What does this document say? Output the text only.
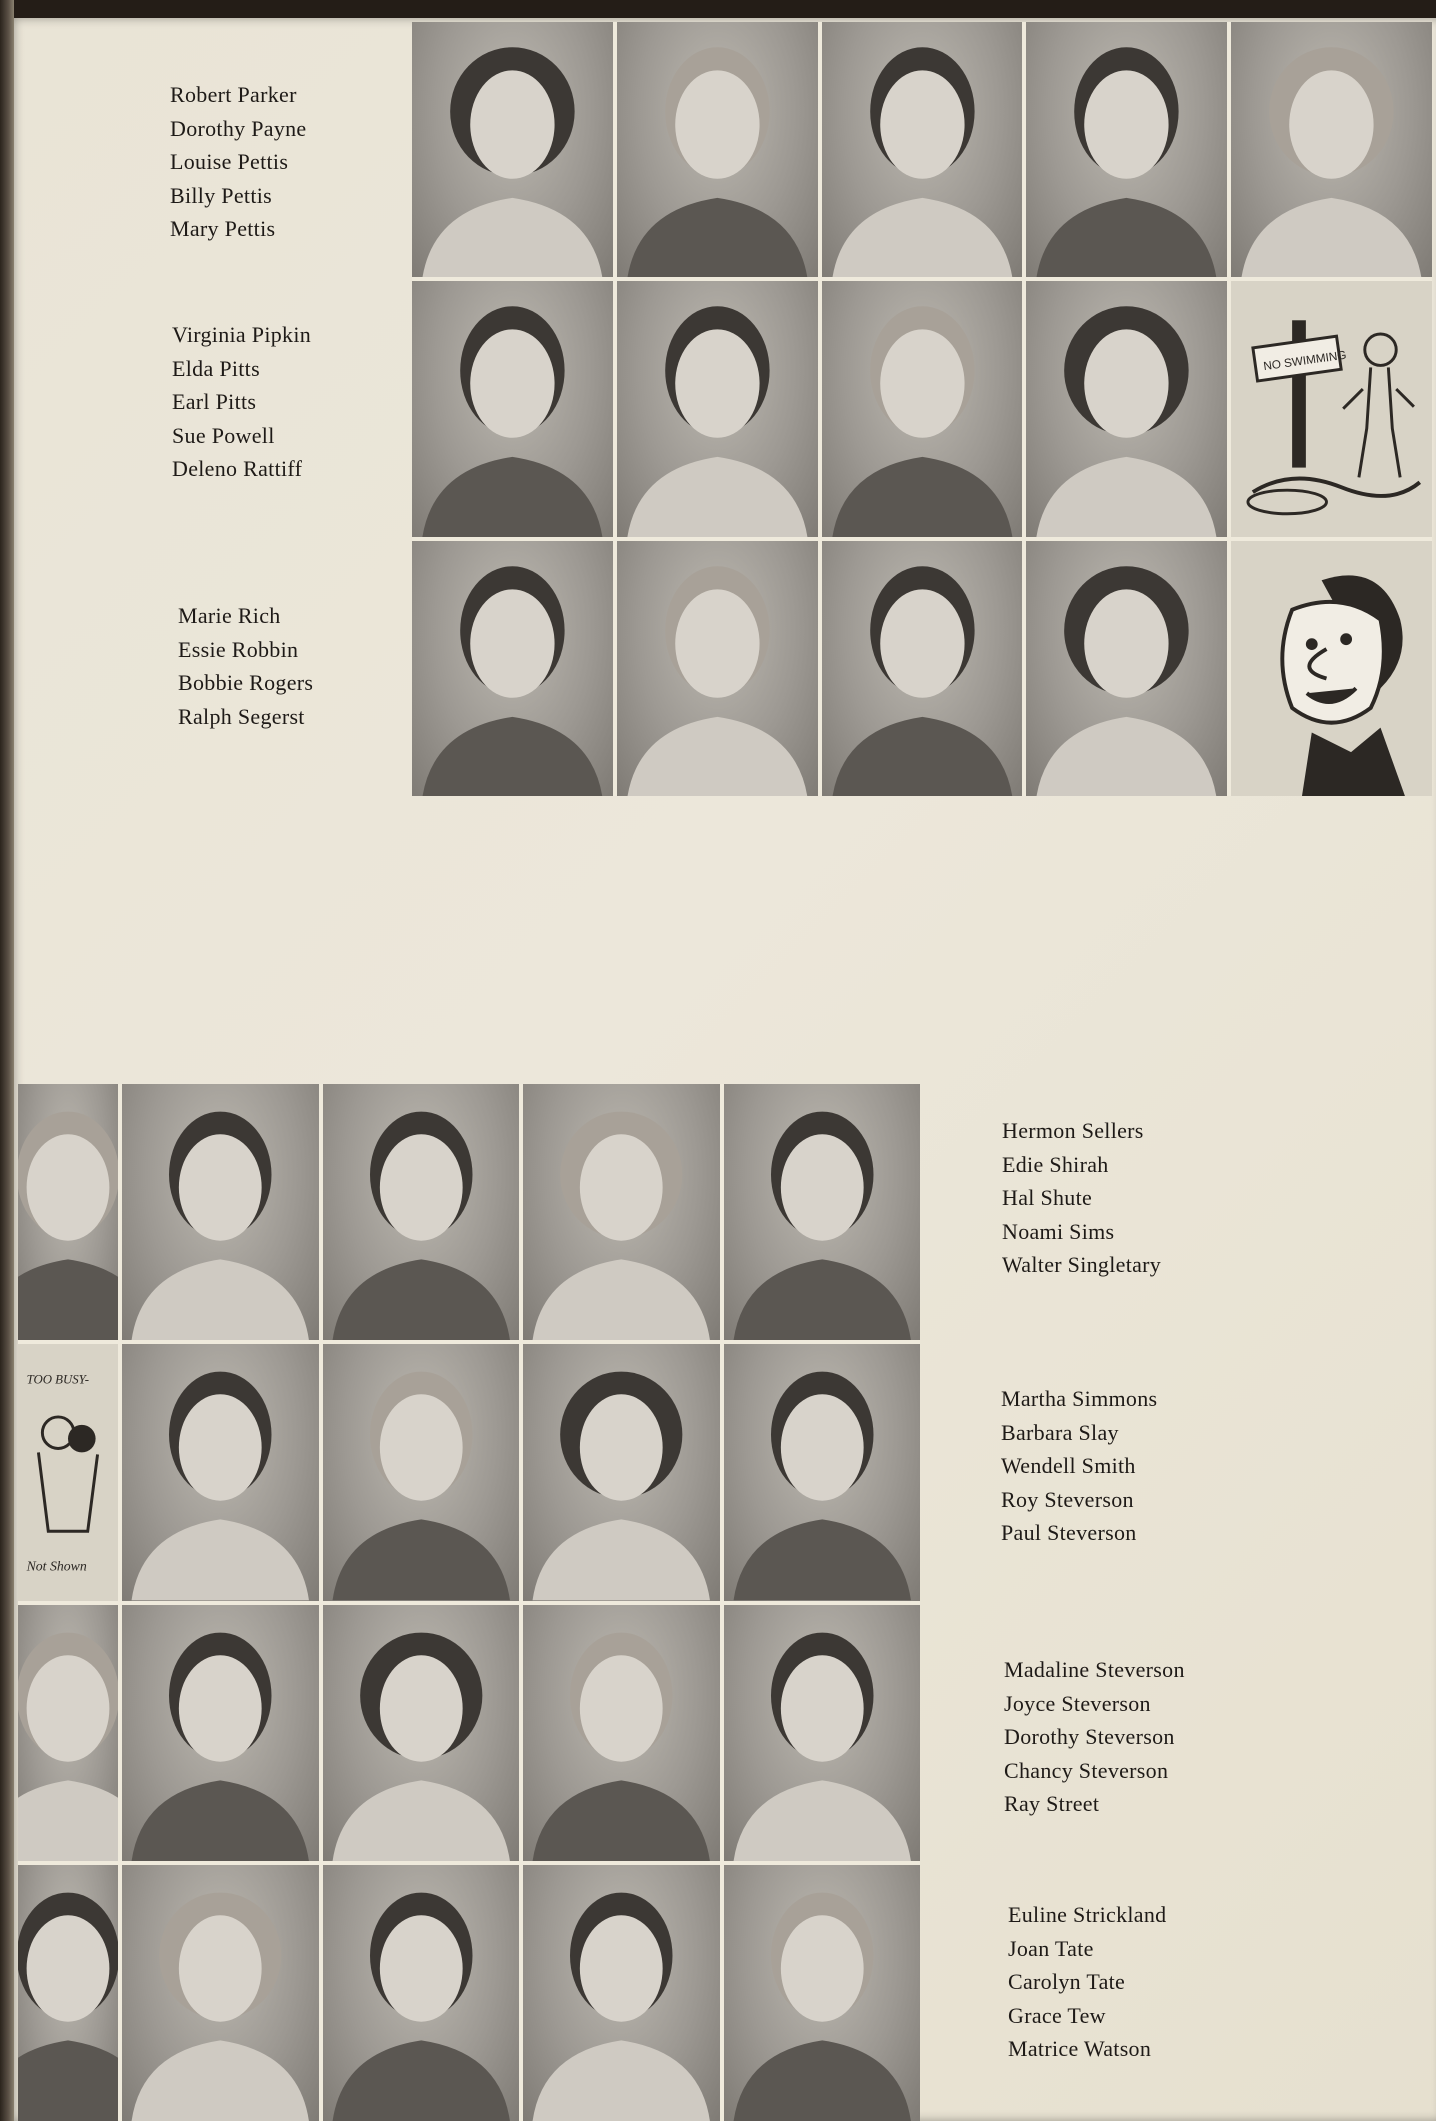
Robert Parker
Dorothy Payne
Louise Pettis
Billy Pettis
Mary Pettis
Virginia Pipkin
Elda Pitts
Earl Pitts
Sue Powell
Deleno Rattiff
Marie Rich
Essie Robbin
Bobbie Rogers
Ralph Segerst
NO SWIMMING
TOO BUSY-
Not Shown
Hermon Sellers
Edie Shirah
Hal Shute
Noami Sims
Walter Singletary
Martha Simmons
Barbara Slay
Wendell Smith
Roy Steverson
Paul Steverson
Madaline Steverson
Joyce Steverson
Dorothy Steverson
Chancy Steverson
Ray Street
Euline Strickland
Joan Tate
Carolyn Tate
Grace Tew
Matrice Watson
